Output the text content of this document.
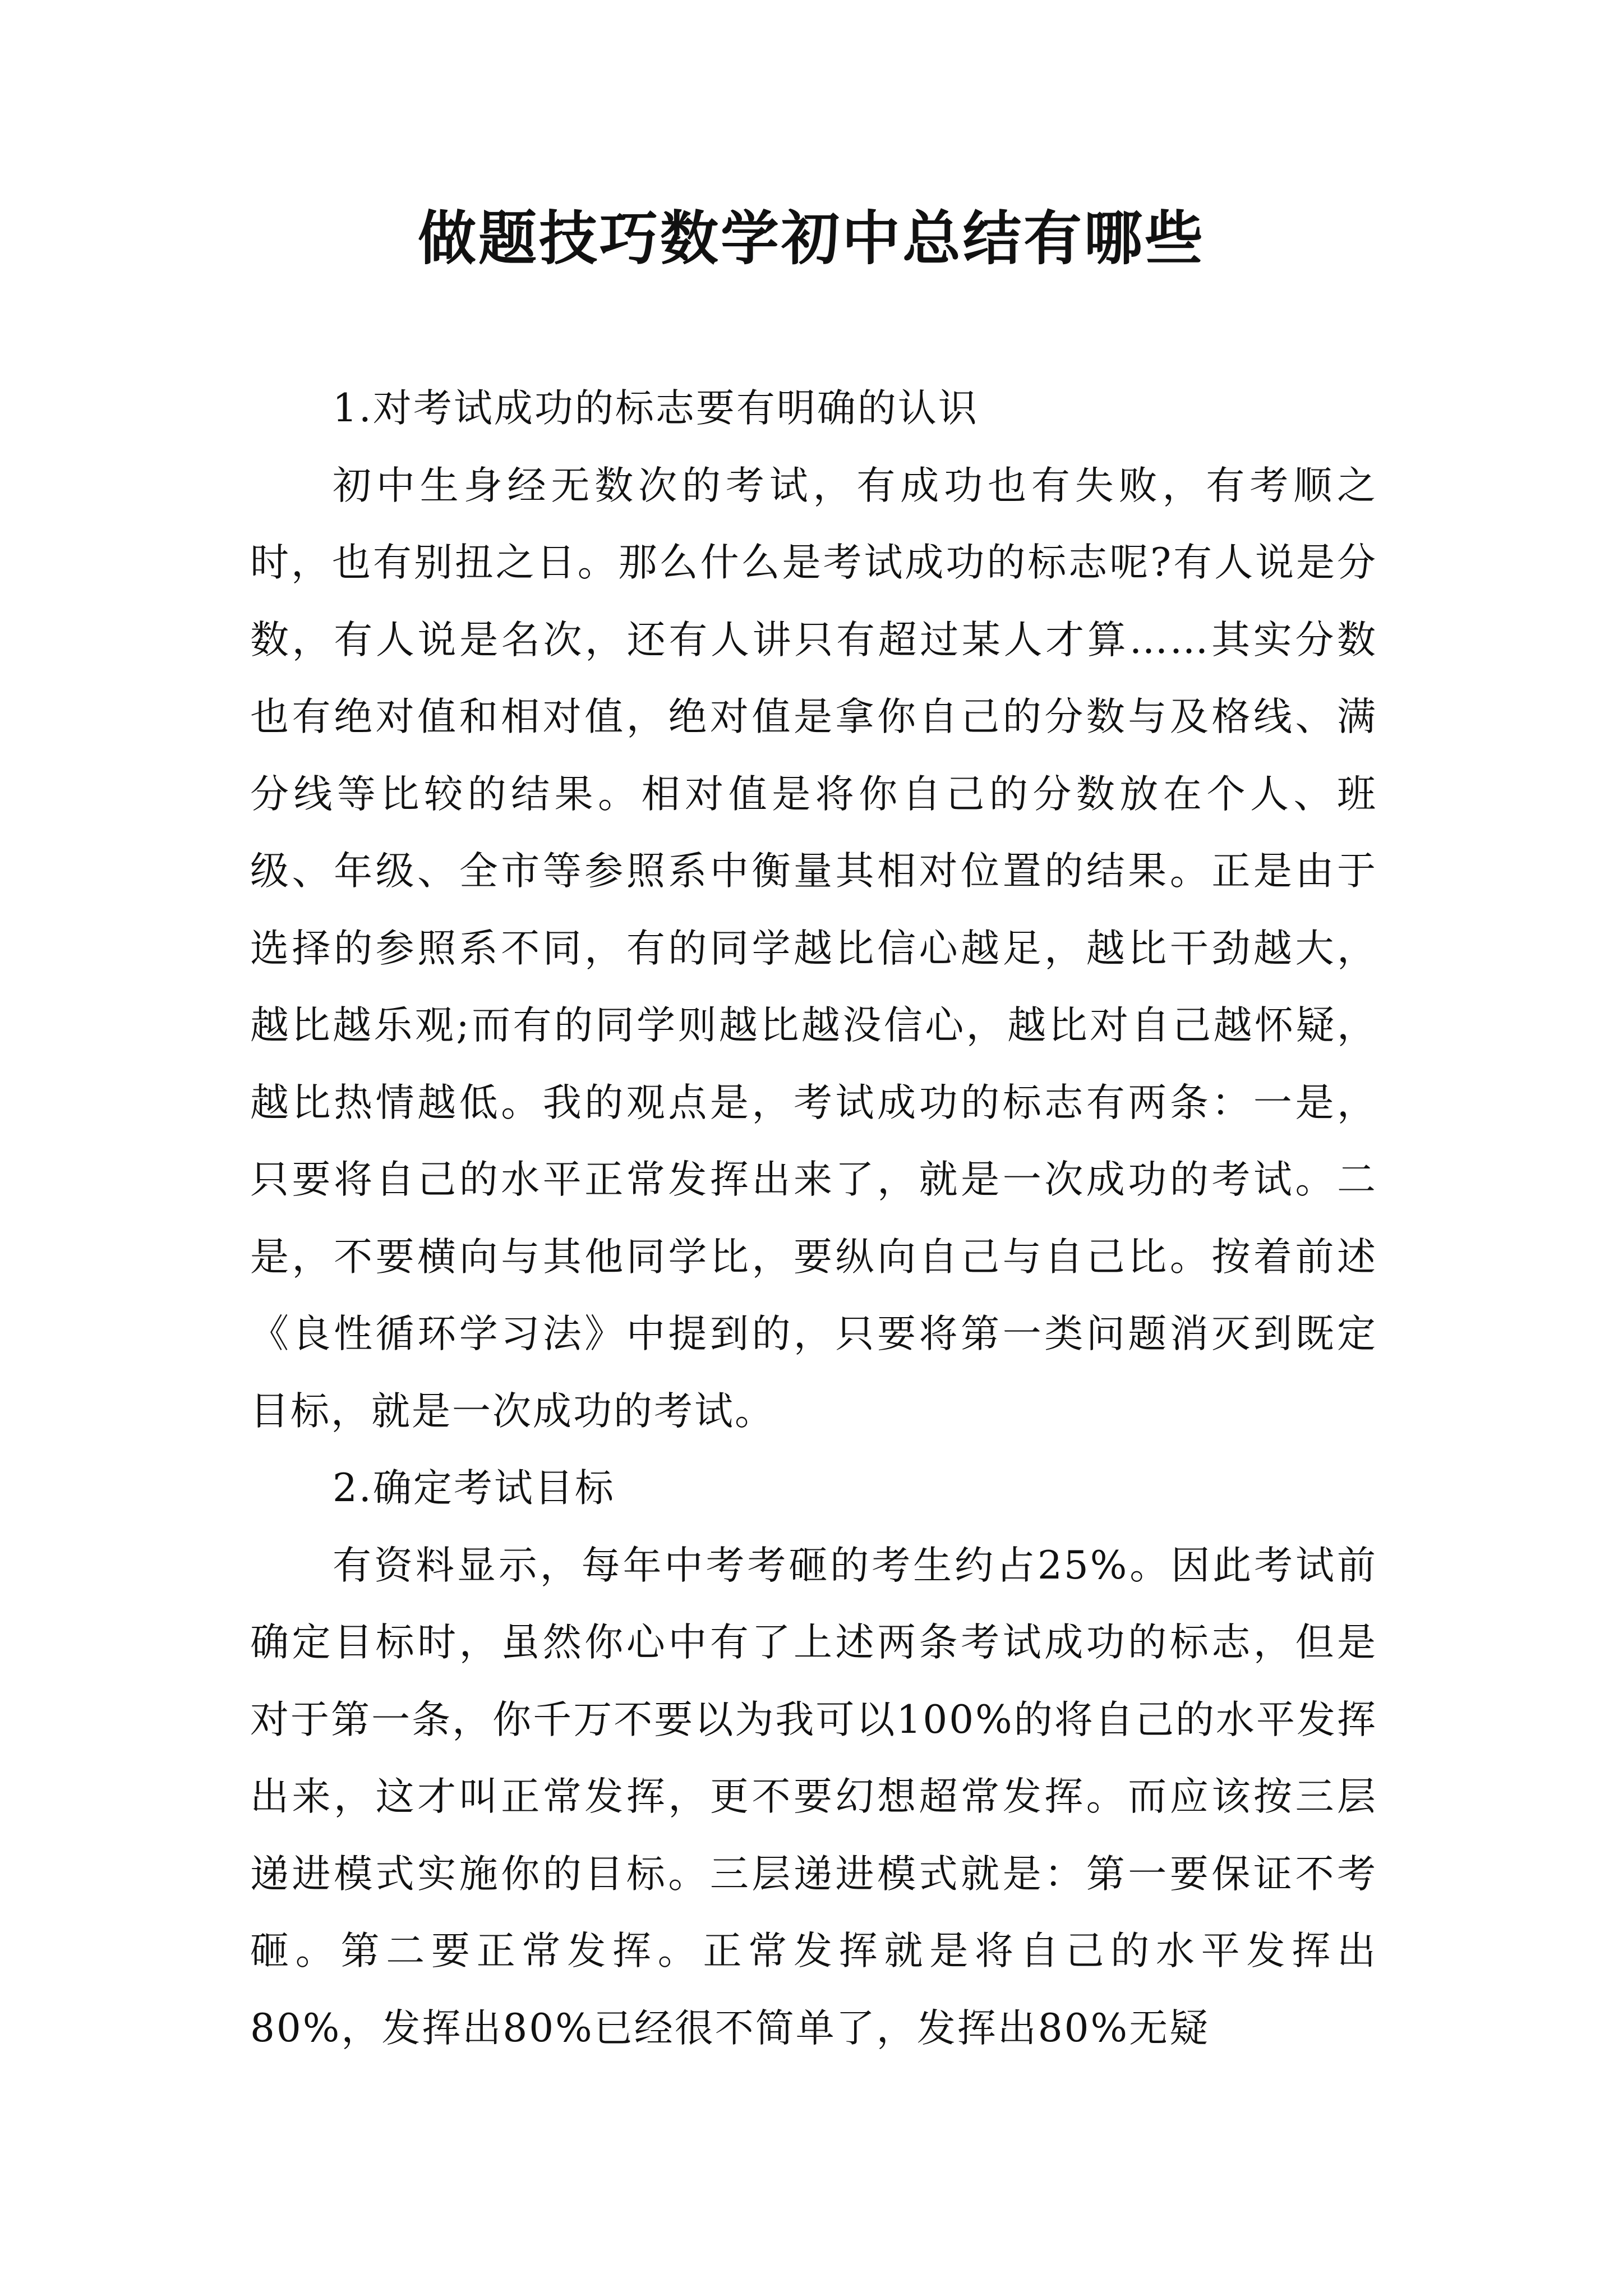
做题技巧数学初中总结有哪些

1.对考试成功的标志要有明确的认识

初中生身经无数次的考试，有成功也有失败，有考顺之时，也有别扭之日。那么什么是考试成功的标志呢?有人说是分数，有人说是名次，还有人讲只有超过某人才算……其实分数也有绝对值和相对值，绝对值是拿你自己的分数与及格线、满分线等比较的结果。相对值是将你自己的分数放在个人、班级、年级、全市等参照系中衡量其相对位置的结果。正是由于选择的参照系不同，有的同学越比信心越足，越比干劲越大，越比越乐观;而有的同学则越比越没信心，越比对自己越怀疑，越比热情越低。我的观点是，考试成功的标志有两条：一是，只要将自己的水平正常发挥出来了，就是一次成功的考试。二是，不要横向与其他同学比，要纵向自己与自己比。按着前述《良性循环学习法》中提到的，只要将第一类问题消灭到既定目标，就是一次成功的考试。

2.确定考试目标

有资料显示，每年中考考砸的考生约占25%。因此考试前确定目标时，虽然你心中有了上述两条考试成功的标志，但是对于第一条，你千万不要以为我可以100%的将自己的水平发挥出来，这才叫正常发挥，更不要幻想超常发挥。而应该按三层递进模式实施你的目标。三层递进模式就是：第一要保证不考砸。第二要正常发挥。正常发挥就是将自己的水平发挥出80%，发挥出80%已经很不简单了，发挥出80%无疑
